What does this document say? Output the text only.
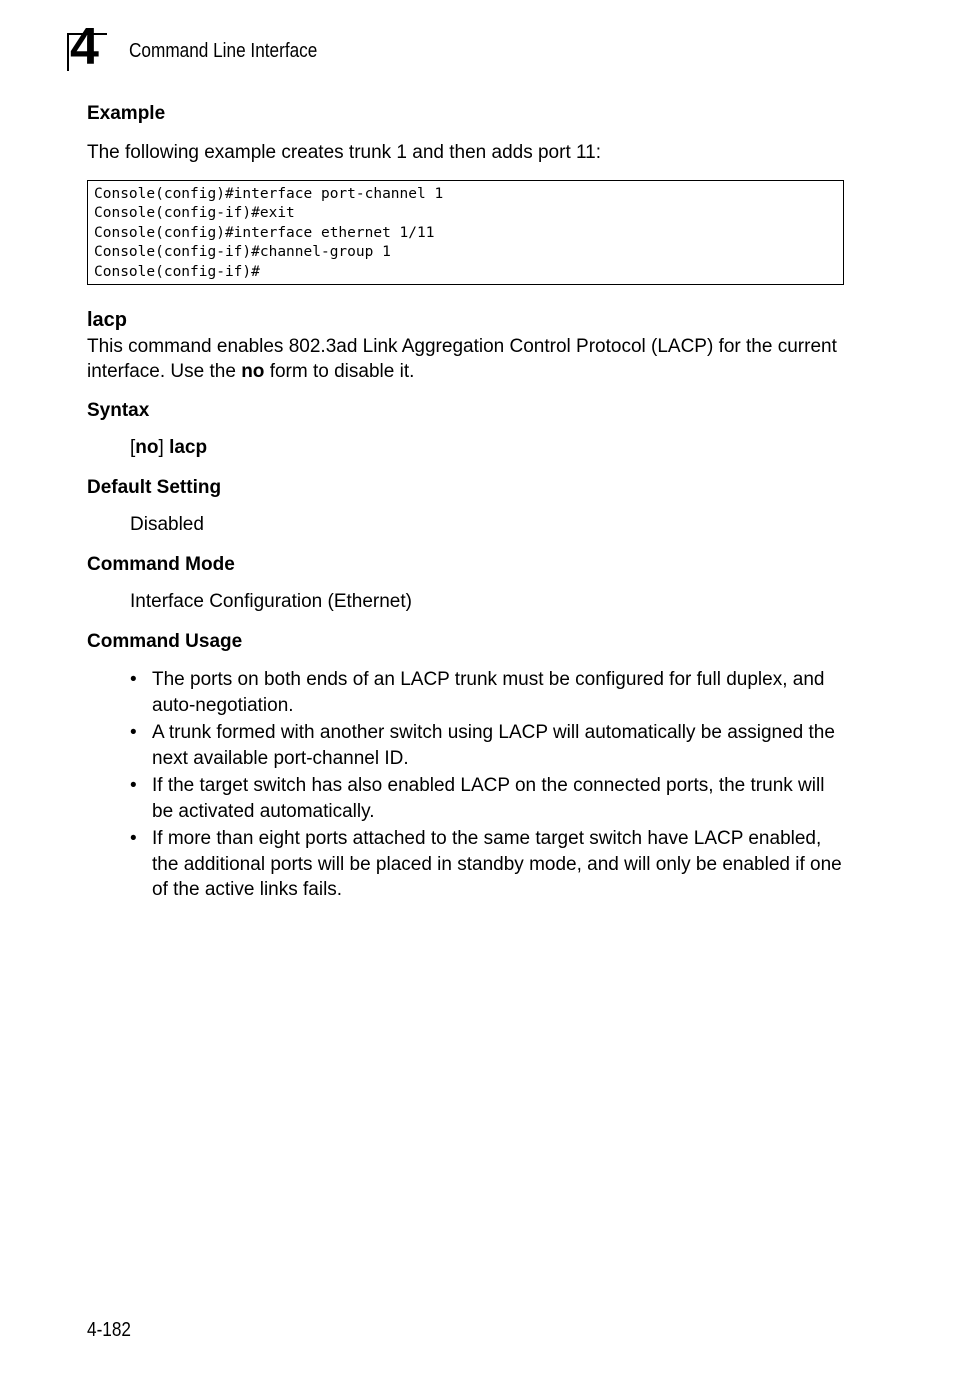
4 Command Line Interface
Example
The following example creates trunk 1 and then adds port 11:
Console(config)#interface port-channel 1
Console(config-if)#exit
Console(config)#interface ethernet 1/11
Console(config-if)#channel-group 1
Console(config-if)#
lacp
This command enables 802.3ad Link Aggregation Control Protocol (LACP) for the current interface. Use the no form to disable it.
Syntax
[no] lacp
Default Setting
Disabled
Command Mode
Interface Configuration (Ethernet)
Command Usage
• The ports on both ends of an LACP trunk must be configured for full duplex, and auto-negotiation.
• A trunk formed with another switch using LACP will automatically be assigned the next available port-channel ID.
• If the target switch has also enabled LACP on the connected ports, the trunk will be activated automatically.
• If more than eight ports attached to the same target switch have LACP enabled, the additional ports will be placed in standby mode, and will only be enabled if one of the active links fails.
4-182
